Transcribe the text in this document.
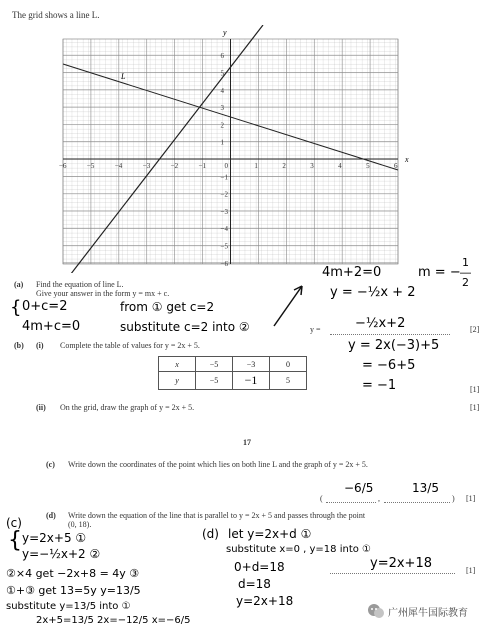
The grid shows a line L.
−6	−5	−4	−3	−2	−1	0	1	2	3	4	5	6
6
5
4
3
2
1
−1
−2
−3
−4
−5
−6
x
y
L
4m+2=0	m = −
1
―
2
y = −½x + 2
(a) Find the equation of line L.
Give your answer in the form y = mx + c.
{ 0+c=2	from ① get c=2
4m+c=0	substitute c=2 into ②	y =	−½x+2	[2]
(b) (i) Complete the table of values for y = 2x + 5.
x	−5	−3	0
y	−5	−1	5
y = 2x(−3)+5
= −6+5
= −1	[1]
(ii) On the grid, draw the graph of y = 2x + 5.	[1]
17
(c) Write down the coordinates of the point which lies on both line L and the graph of y = 2x + 5.
(
−6/5
,
13/5
) [1]
(d) Write down the equation of the line that is parallel to y = 2x + 5 and passes through the point
(0, 18).
(c)
{ y=2x+5 ①
y=−½x+2 ②
②×4 get −2x+8 = 4y ③
①+③ get 13=5y y=13/5
substitute y=13/5 into ①
2x+5=13/5 2x=−12/5 x=−6/5
(d) let y=2x+d ①
substitute x=0 , y=18 into ①
0+d=18
d=18
y=2x+18
y=2x+18	[1]
广州犀牛国际教育
